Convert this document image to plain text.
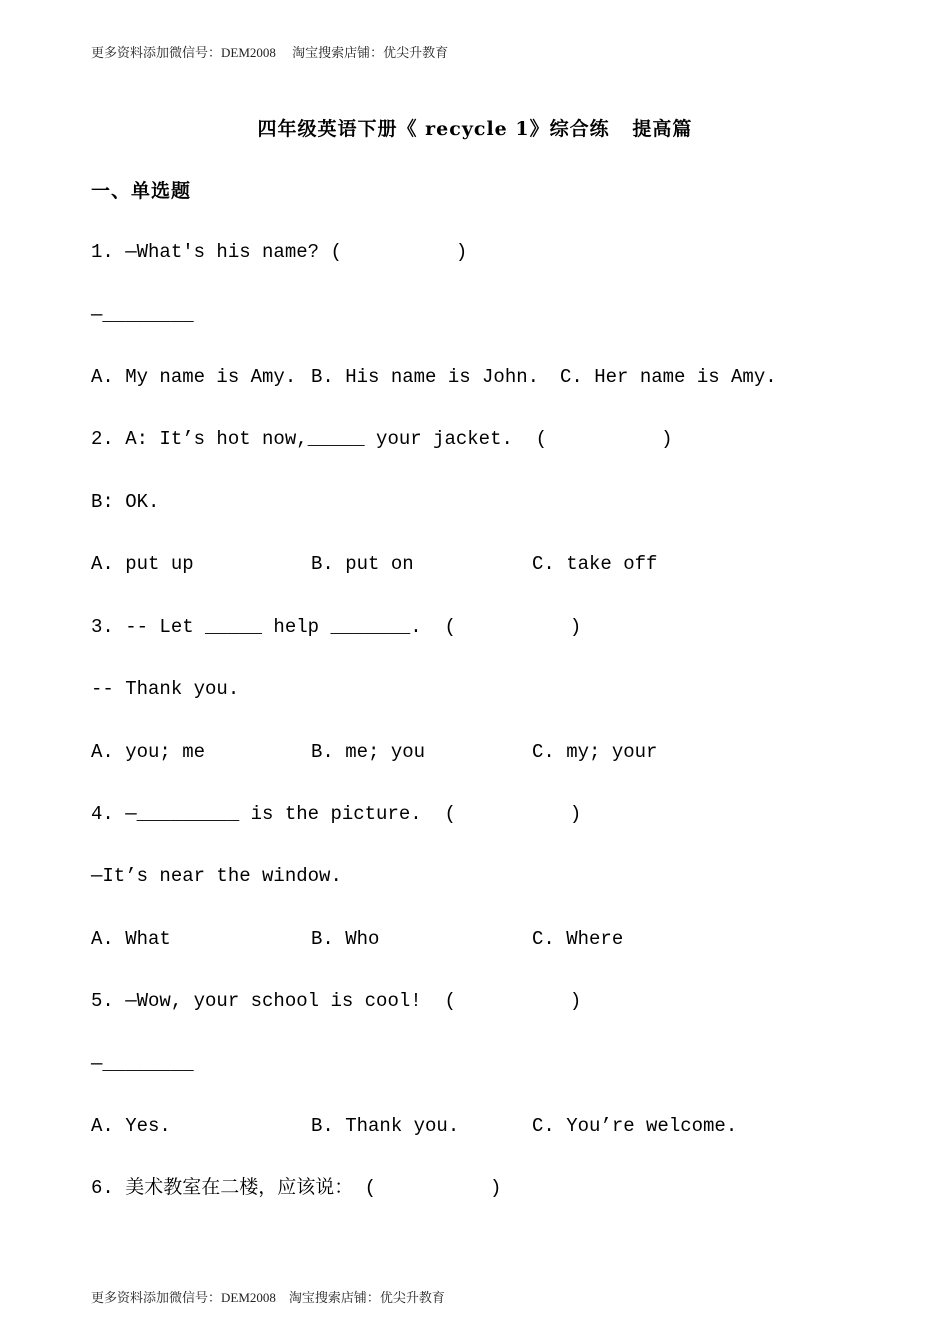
更多资料添加微信号：DEM2008     淘宝搜索店铺：优尖升教育
四年级英语下册《 recycle 1》综合练   提高篇
一、单选题
1. —What's his name? (          )
—________
A. My name is Amy. B. His name is John. C. Her name is Amy.
2. A: It’s hot now,_____ your jacket.  (          )
B: OK.
A. put up	B. put on	C. take off
3. -- Let _____ help _______.  (          )
-- Thank you.
A. you; me	B. me; you	C. my; your
4. —_________ is the picture.  (          )
—It’s near the window.
A. What	B. Who	C. Where
5. —Wow, your school is cool!  (          )
—________
A. Yes.	B. Thank you.	C. You’re welcome.
6. 美术教室在二楼，应该说： (          )
更多资料添加微信号：DEM2008    淘宝搜索店铺：优尖升教育
